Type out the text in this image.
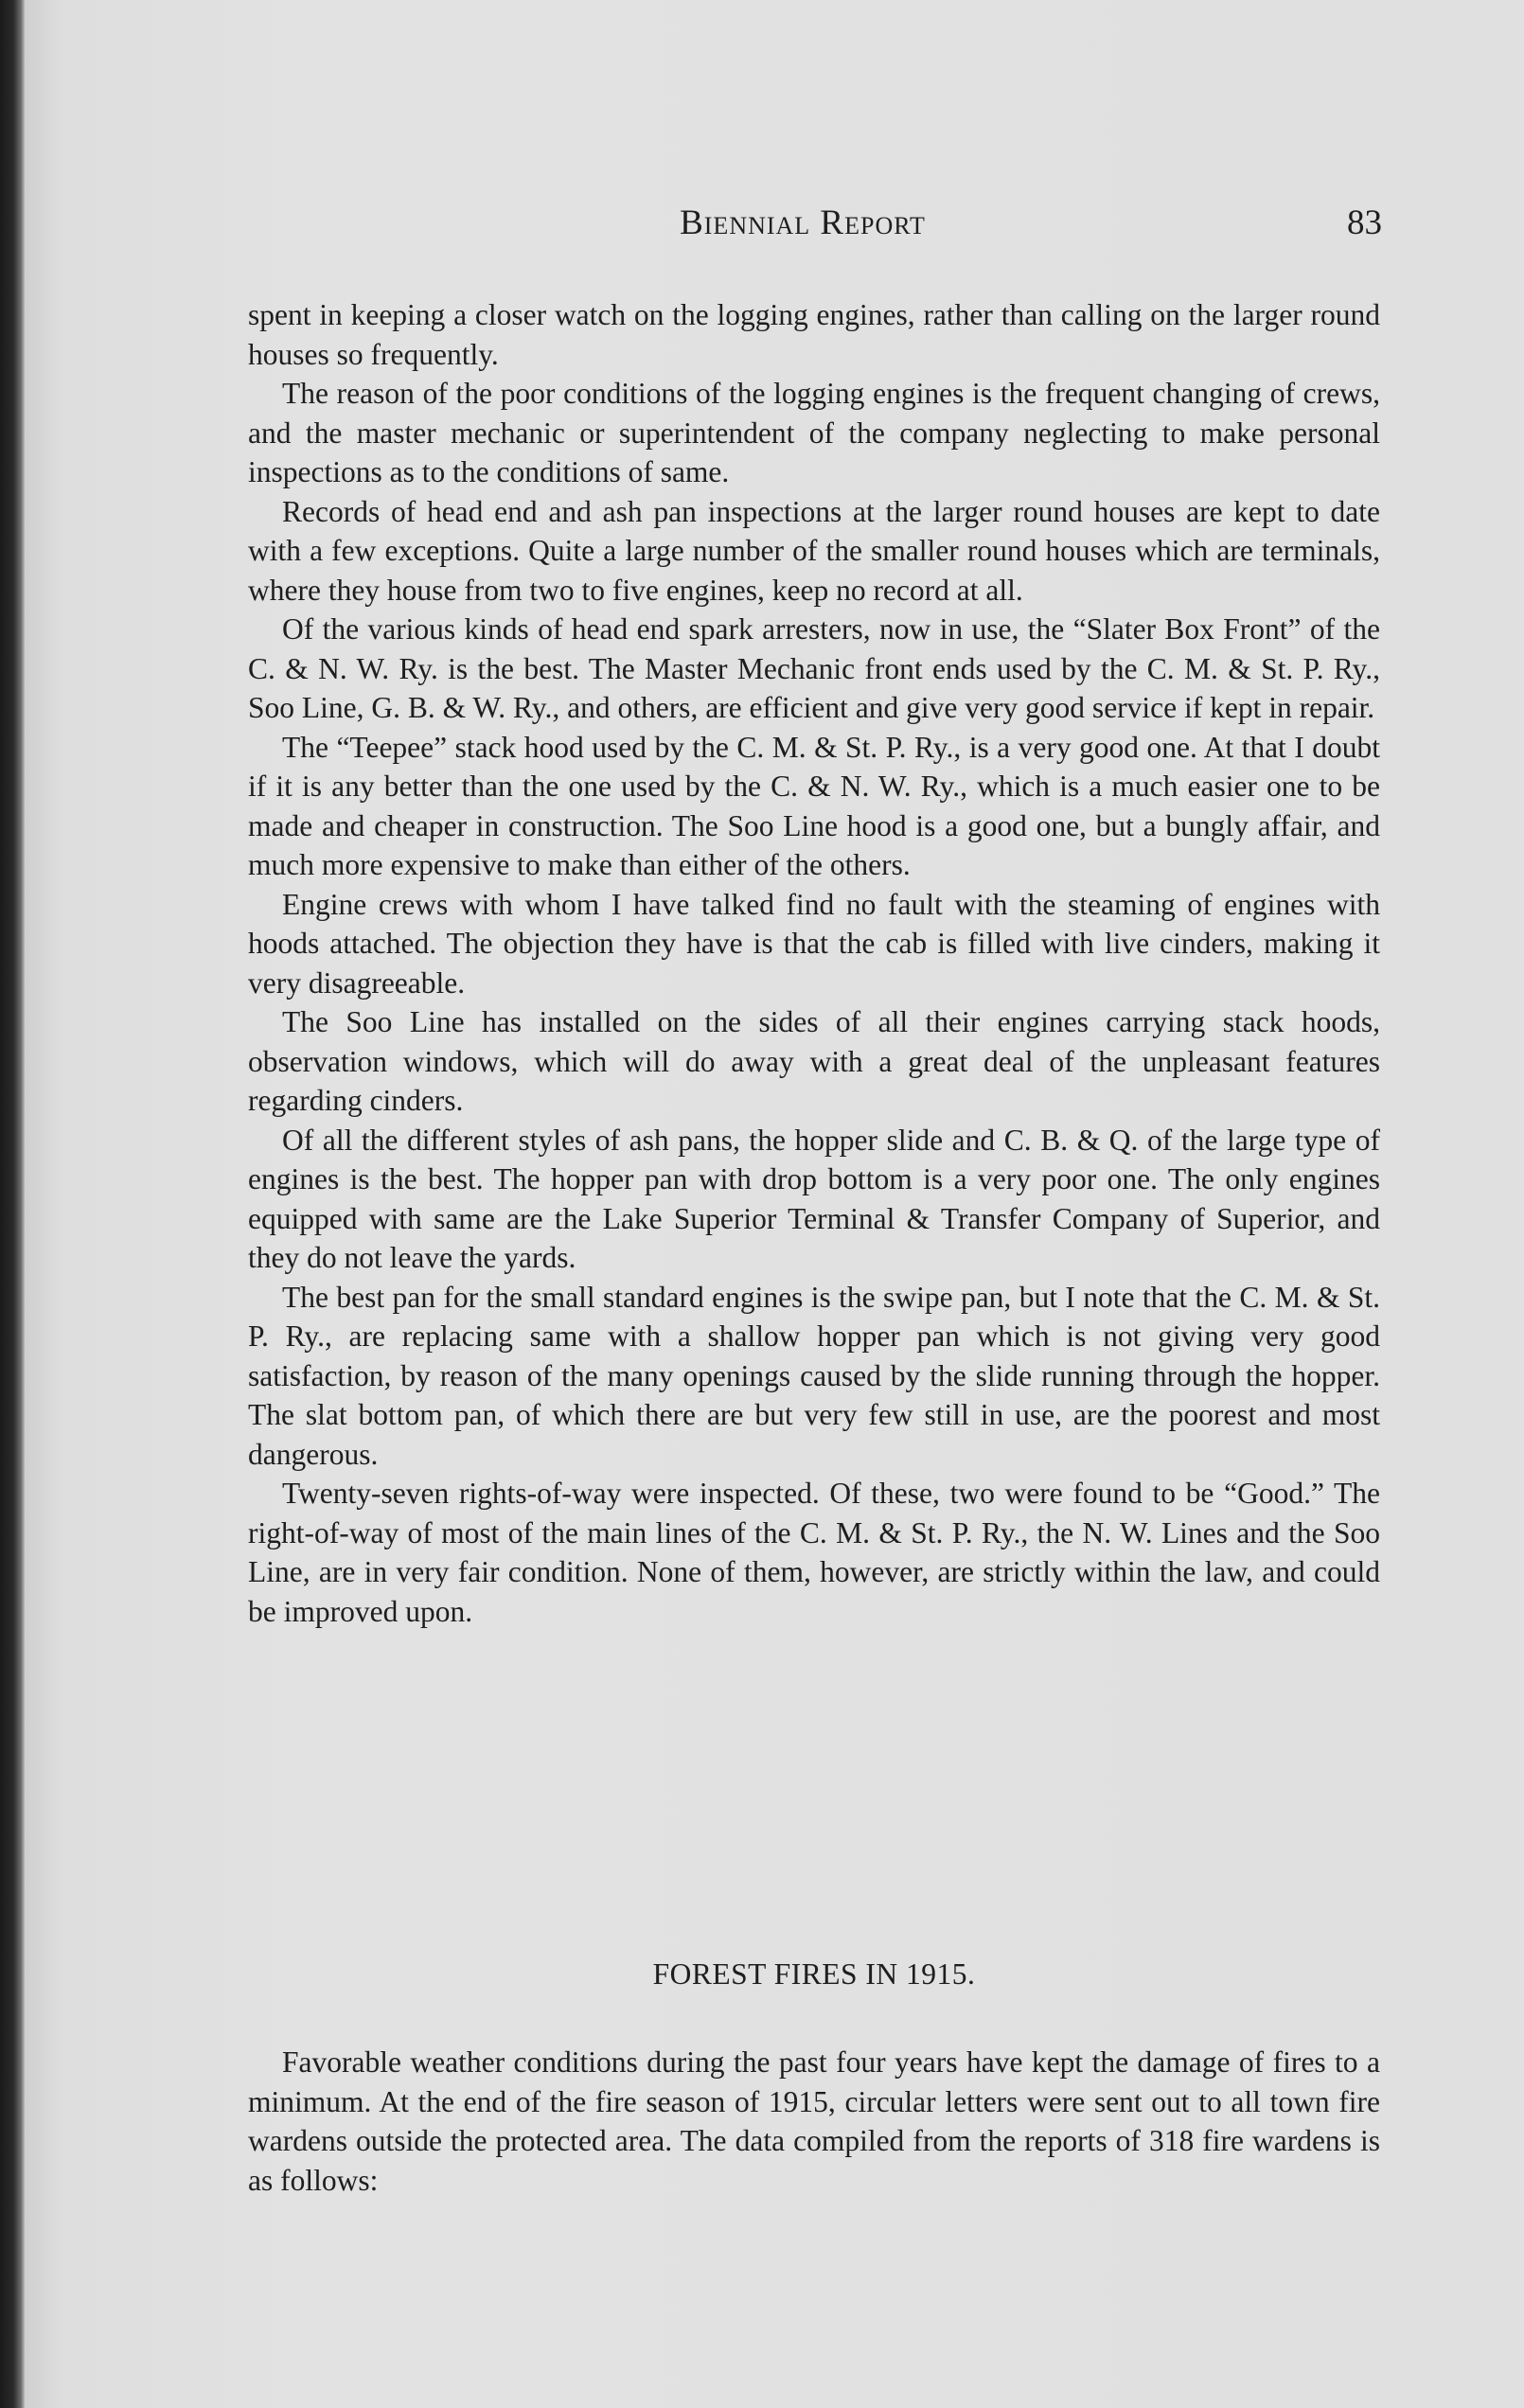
Biennial Report	83

spent in keeping a closer watch on the logging engines, rather than calling on the larger round houses so frequently.

The reason of the poor conditions of the logging engines is the frequent changing of crews, and the master mechanic or superintendent of the company neglecting to make personal inspections as to the conditions of same.

Records of head end and ash pan inspections at the larger round houses are kept to date with a few exceptions. Quite a large number of the smaller round houses which are terminals, where they house from two to five engines, keep no record at all.

Of the various kinds of head end spark arresters, now in use, the “Slater Box Front” of the C. & N. W. Ry. is the best. The Master Mechanic front ends used by the C. M. & St. P. Ry., Soo Line, G. B. & W. Ry., and others, are efficient and give very good service if kept in repair.

The “Teepee” stack hood used by the C. M. & St. P. Ry., is a very good one. At that I doubt if it is any better than the one used by the C. & N. W. Ry., which is a much easier one to be made and cheaper in construction. The Soo Line hood is a good one, but a bungly affair, and much more expensive to make than either of the others.

Engine crews with whom I have talked find no fault with the steaming of engines with hoods attached. The objection they have is that the cab is filled with live cinders, making it very disagreeable.

The Soo Line has installed on the sides of all their engines carrying stack hoods, observation windows, which will do away with a great deal of the unpleasant features regarding cinders.

Of all the different styles of ash pans, the hopper slide and C. B. & Q. of the large type of engines is the best. The hopper pan with drop bottom is a very poor one. The only engines equipped with same are the Lake Superior Terminal & Transfer Company of Superior, and they do not leave the yards.

The best pan for the small standard engines is the swipe pan, but I note that the C. M. & St. P. Ry., are replacing same with a shallow hopper pan which is not giving very good satisfaction, by reason of the many openings caused by the slide running through the hopper. The slat bottom pan, of which there are but very few still in use, are the poorest and most dangerous.

Twenty-seven rights-of-way were inspected. Of these, two were found to be “Good.” The right-of-way of most of the main lines of the C. M. & St. P. Ry., the N. W. Lines and the Soo Line, are in very fair condition. None of them, however, are strictly within the law, and could be improved upon.

FOREST FIRES IN 1915.

Favorable weather conditions during the past four years have kept the damage of fires to a minimum. At the end of the fire season of 1915, circular letters were sent out to all town fire wardens outside the protected area. The data compiled from the reports of 318 fire wardens is as follows:
